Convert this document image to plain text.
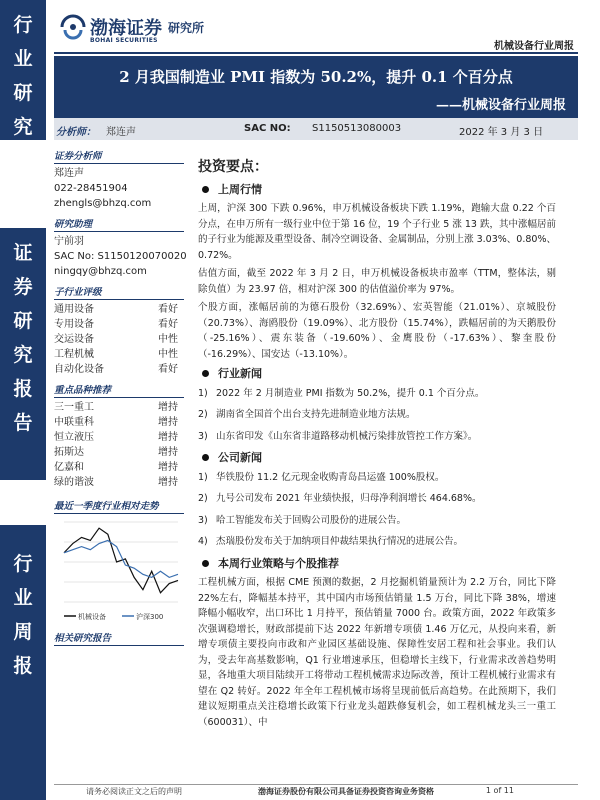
行
业
研
究
证
券
研
究
报
告
行
业
周
报
渤海证券 研究所
BOHAI SECURITIES
机械设备行业周报
2 月我国制造业 PMI 指数为 50.2%，提升 0.1 个百分点
——机械设备行业周报
分析师： 郑连声	SAC NO: S1150513080003	2022 年 3 月 3 日
证券分析师
郑连声
022-28451904
zhengls@bhzq.com
研究助理
宁前羽
SAC No: S1150120070020
ningqy@bhzq.com
子行业评级
通用设备	看好
专用设备	看好
交运设备	中性
工程机械	中性
自动化设备	看好
重点品种推荐
三一重工	增持
中联重科	增持
恒立液压	增持
拓斯达	增持
亿嘉和	增持
绿的谐波	增持
最近一季度行业相对走势
机械设备	沪深300
相关研究报告
投资要点：
上周行情
上周，沪深 300 下跌 0.96%，申万机械设备板块下跌 1.19%，跑输大盘 0.22 个百分点，在申万所有一级行业中位于第 16 位，19 个子行业 5 涨 13 跌，其中涨幅居前的子行业为能源及重型设备、制冷空调设备、金属制品，分别上涨 3.03%、0.80%、0.72%。
估值方面，截至 2022 年 3 月 2 日，申万机械设备板块市盈率（TTM，整体法，剔除负值）为 23.97 倍，相对沪深 300 的估值溢价率为 97%。
个股方面，涨幅居前的为德石股份（32.69%）、宏英智能（21.01%）、京城股份（20.73%）、海鸥股份（19.09%）、北方股份（15.74%），跌幅居前的为天鹅股份（-25.16%）、震东装备（-19.60%）、金鹰股份（-17.63%）、黎奎股份（-16.29%）、国安达（-13.10%）。
行业新闻
1) 2022 年 2 月制造业 PMI 指数为 50.2%，提升 0.1 个百分点。
2) 湖南省全国首个出台支持先进制造业地方法规。
3) 山东省印发《山东省非道路移动机械污染排放管控工作方案》。
公司新闻
1) 华铁股份 11.2 亿元现金收购青岛昌运盛 100%股权。
2) 九号公司发布 2021 年业绩快报，归母净利润增长 464.68%。
3) 哈工智能发布关于回购公司股份的进展公告。
4) 杰瑞股份发布关于加纳项目仲裁结果执行情况的进展公告。
本周行业策略与个股推荐
工程机械方面，根据 CME 预测的数据，2 月挖掘机销量预计为 2.2 万台，同比下降 22%左右，降幅基本持平，其中国内市场预估销量 1.5 万台，同比下降 38%，增速降幅小幅收窄，出口环比 1 月持平，预估销量 7000 台。政策方面，2022 年政策多次强调稳增长，财政部提前下达 2022 年新增专项债 1.46 万亿元，从投向来看，新增专项债主要投向市政和产业园区基础设施、保障性安居工程和社会事业。我们认为，受去年高基数影响，Q1 行业增速承压，但稳增长主线下，行业需求改善趋势明显，各地重大项目陆续开工将带动工程机械需求边际改善，预计工程机械行业需求有望在 Q2 转好。2022 年全年工程机械市场将呈现前低后高趋势。在此预期下，我们建议短期重点关注稳增长政策下行业龙头超跌修复机会，如工程机械龙头三一重工（600031）、中
请务必阅读正文之后的声明	渤海证券股份有限公司具备证券投资咨询业务资格	1 of 11
